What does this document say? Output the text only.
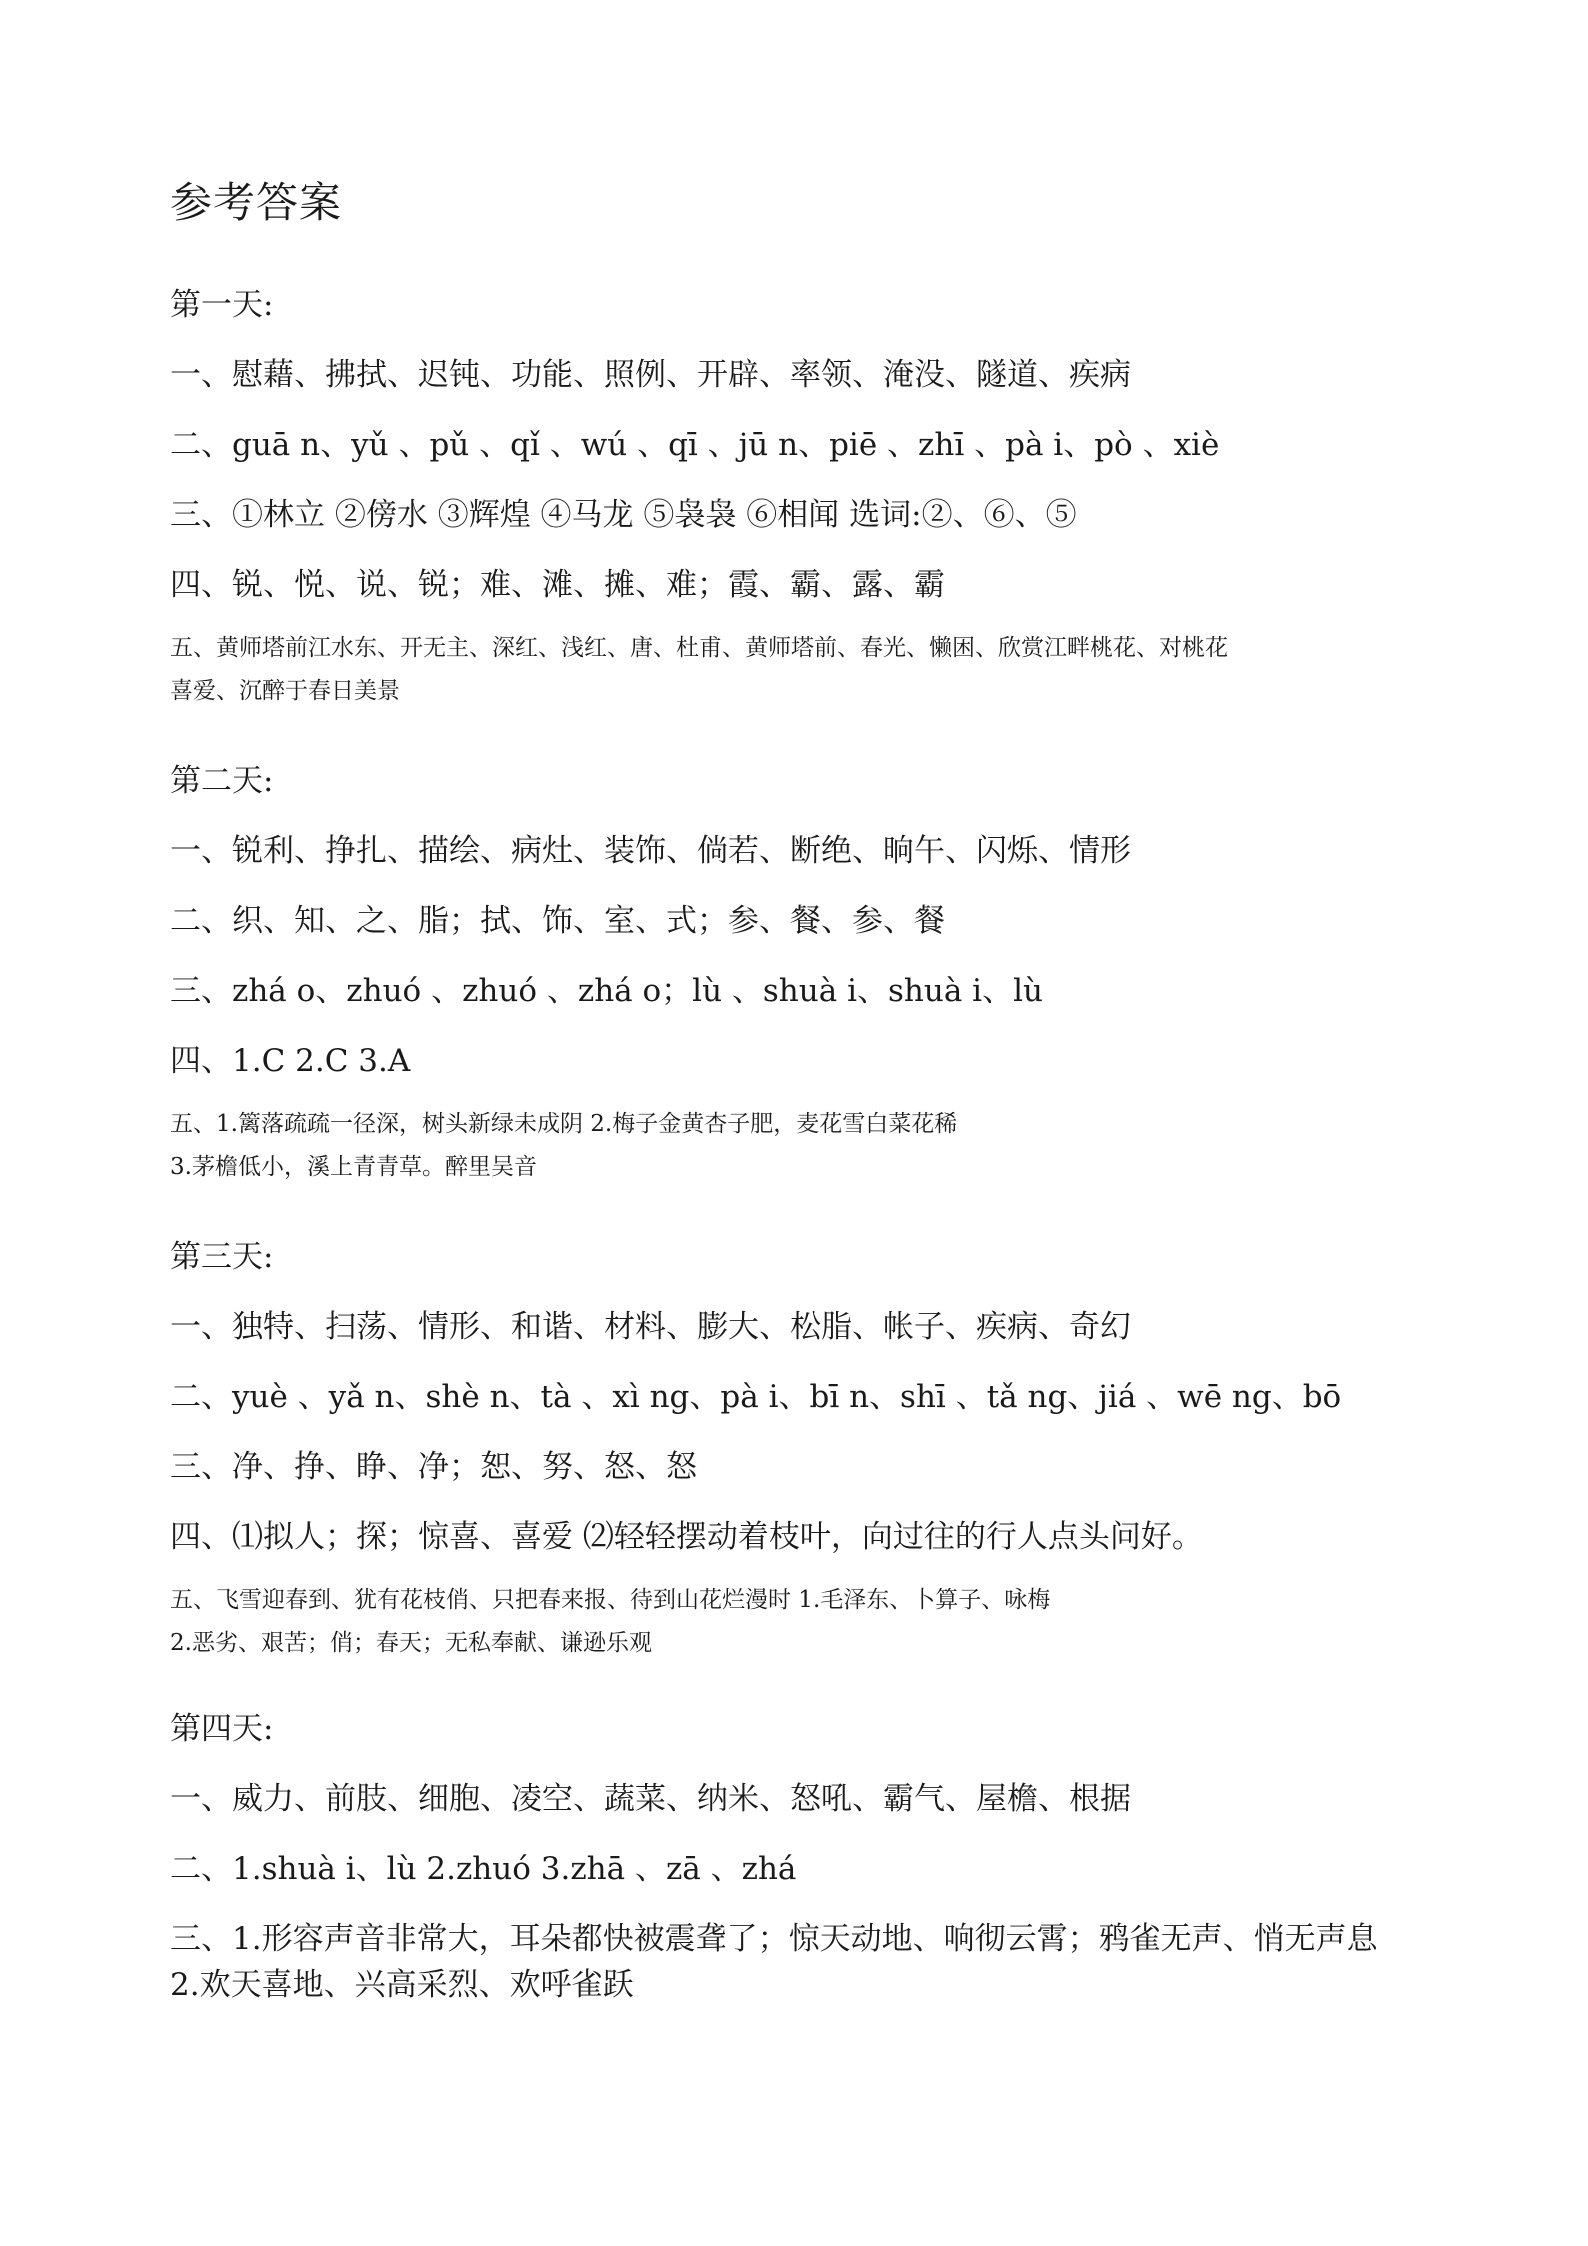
参考答案
第一天:
一、慰藉、拂拭、迟钝、功能、照例、开辟、率领、淹没、隧道、疾病
二、guā n、yǔ 、pǔ 、qǐ 、wú 、qī 、jū n、piē 、zhī 、pà i、pò 、xiè
三、①林立 ②傍水 ③辉煌 ④马龙 ⑤袅袅 ⑥相闻 选词:②、⑥、⑤
四、锐、悦、说、锐；难、滩、摊、难；霞、霸、露、霸
五、黄师塔前江水东、开无主、深红、浅红、唐、杜甫、黄师塔前、春光、懒困、欣赏江畔桃花、对桃花
喜爱、沉醉于春日美景
第二天:
一、锐利、挣扎、描绘、病灶、装饰、倘若、断绝、晌午、闪烁、情形
二、织、知、之、脂；拭、饰、室、式；参、餐、参、餐
三、zhá o、zhuó 、zhuó 、zhá o；lù 、shuà i、shuà i、lù
四、1.C 2.C 3.A
五、1.篱落疏疏一径深，树头新绿未成阴 2.梅子金黄杏子肥，麦花雪白菜花稀
3.茅檐低小，溪上青青草。醉里吴音
第三天:
一、独特、扫荡、情形、和谐、材料、膨大、松脂、帐子、疾病、奇幻
二、yuè 、yǎ n、shè n、tà 、xì ng、pà i、bī n、shī 、tǎ ng、jiá 、wē ng、bō
三、净、挣、睁、净；恕、努、怒、怒
四、⑴拟人；探；惊喜、喜爱 ⑵轻轻摆动着枝叶，向过往的行人点头问好。
五、飞雪迎春到、犹有花枝俏、只把春来报、待到山花烂漫时 1.毛泽东、卜算子、咏梅
2.恶劣、艰苦；俏；春天；无私奉献、谦逊乐观
第四天:
一、威力、前肢、细胞、凌空、蔬菜、纳米、怒吼、霸气、屋檐、根据
二、1.shuà i、lù 2.zhuó 3.zhā 、zā 、zhá
三、1.形容声音非常大，耳朵都快被震聋了；惊天动地、响彻云霄；鸦雀无声、悄无声息
2.欢天喜地、兴高采烈、欢呼雀跃
